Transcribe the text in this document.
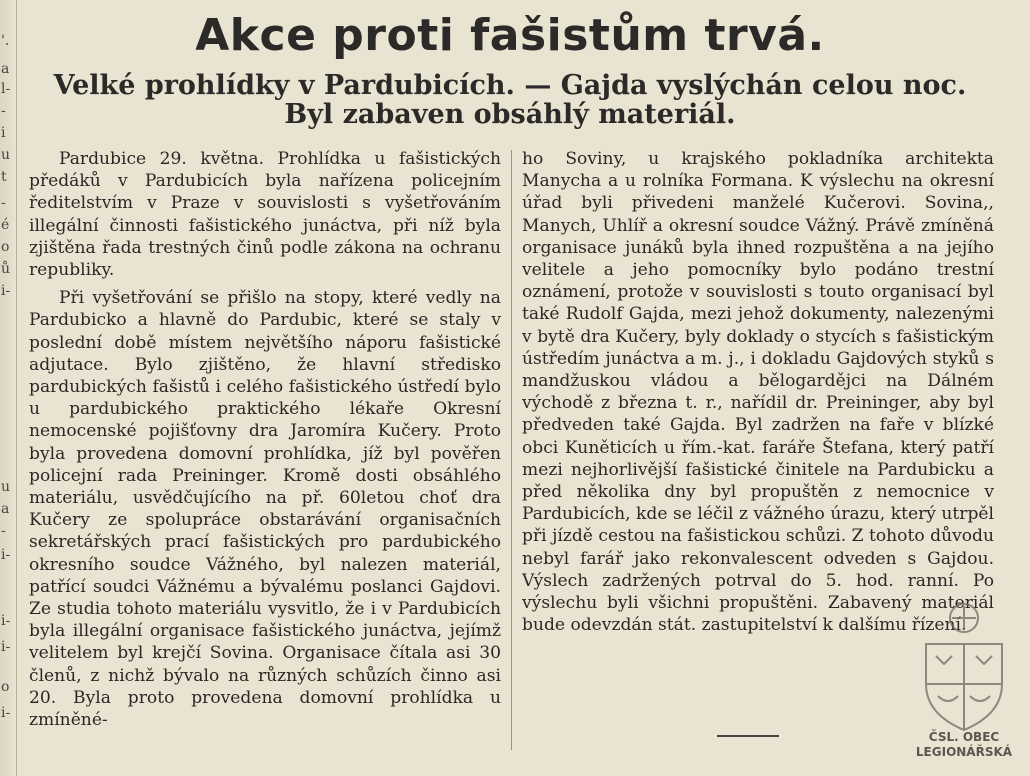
'.
a
l-
-
i
u
t
-
é
o
ů
i-
u
a
-
i-
i-
i-
o
i-
Akce proti fašistům trvá.
Velké prohlídky v Pardubicích. — Gajda vyslýchán celou noc.
Byl zabaven obsáhlý materiál.

Pardubice 29. května. Prohlídka u fašistických předáků v Pardubicích byla nařízena policejním ředitelstvím v Praze v souvislosti s vyšetřováním illegální činnosti fašistického junáctva, při níž byla zjištěna řada trestných činů podle zákona na ochranu republiky.

Při vyšetřování se přišlo na stopy, které vedly na Pardubicko a hlavně do Pardubic, které se staly v poslední době místem největšího náporu fašistické adjutace. Bylo zjištěno, že hlavní středisko pardubických fašistů i celého fašistického ústředí bylo u pardubického praktického lékaře Okresní nemocenské pojišťovny dra Jaromíra Kučery. Proto byla provedena domovní prohlídka, jíž byl pověřen policejní rada Preininger. Kromě dosti obsáhlého materiálu, usvědčujícího na př. 60letou choť dra Kučery ze spolupráce obstarávání organisačních sekretářských prací fašistických pro pardubického okresního soudce Vážného, byl nalezen materiál, patřící soudci Vážnému a bývalému poslanci Gajdovi. Ze studia tohoto materiálu vysvitlo, že i v Pardubicích byla illegální organisace fašistického junáctva, jejímž velitelem byl krejčí Sovina. Organisace čítala asi 30 členů, z nichž bývalo na různých schůzích činno asi 20. Byla proto provedena domovní prohlídka u zmíněné-

ho Soviny, u krajského pokladníka architekta Manycha a u rolníka Formana. K výslechu na okresní úřad byli přivedeni manželé Kučerovi. Sovina,, Manych, Uhlíř a okresní soudce Vážný. Právě zmíněná organisace junáků byla ihned rozpuštěna a na jejího velitele a jeho pomocníky bylo podáno trestní oznámení, protože v souvislosti s touto organisací byl také Rudolf Gajda, mezi jehož dokumenty, nalezenými v bytě dra Kučery, byly doklady o stycích s fašistickým ústředím junáctva a m. j., i dokladu Gajdových styků s mandžuskou vládou a bělogardějci na Dálném východě z března t. r., nařídil dr. Preininger, aby byl předveden také Gajda. Byl zadržen na faře v blízké obci Kuněticích u řím.-kat. faráře Štefana, který patří mezi nejhorlivější fašistické činitele na Pardubicku a před několika dny byl propuštěn z nemocnice v Pardubicích, kde se léčil z vážného úrazu, který utrpěl při jízdě cestou na fašistickou schůzi. Z tohoto důvodu nebyl farář jako rekonvalescent odveden s Gajdou. Výslech zadržených potrval do 5. hod. ranní. Po výslechu byli všichni propuštěni. Zabavený materiál bude odevzdán stát. zastupitelství k dalšímu řízení.

ČSL. OBEC
LEGIONÁŘSKÁ
